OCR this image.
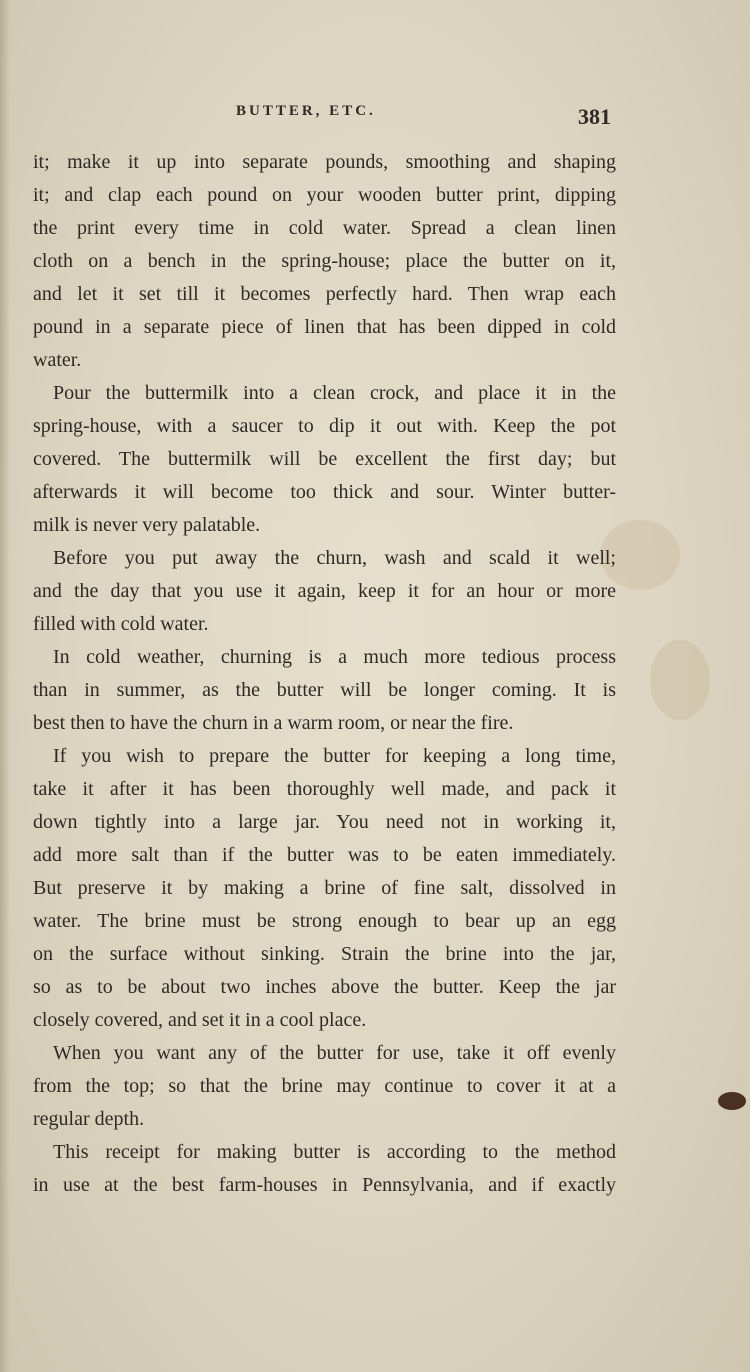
BUTTER, ETC.	381
it; make it up into separate pounds, smoothing and shaping
it; and clap each pound on your wooden butter print, dipping
the print every time in cold water. Spread a clean linen
cloth on a bench in the spring-house; place the butter on it,
and let it set till it becomes perfectly hard. Then wrap each
pound in a separate piece of linen that has been dipped in cold
water.
Pour the buttermilk into a clean crock, and place it in the
spring-house, with a saucer to dip it out with. Keep the pot
covered. The buttermilk will be excellent the first day; but
afterwards it will become too thick and sour. Winter butter-
milk is never very palatable.
Before you put away the churn, wash and scald it well;
and the day that you use it again, keep it for an hour or more
filled with cold water.
In cold weather, churning is a much more tedious process
than in summer, as the butter will be longer coming. It is
best then to have the churn in a warm room, or near the fire.
If you wish to prepare the butter for keeping a long time,
take it after it has been thoroughly well made, and pack it
down tightly into a large jar. You need not in working it,
add more salt than if the butter was to be eaten immediately.
But preserve it by making a brine of fine salt, dissolved in
water. The brine must be strong enough to bear up an egg
on the surface without sinking. Strain the brine into the jar,
so as to be about two inches above the butter. Keep the jar
closely covered, and set it in a cool place.
When you want any of the butter for use, take it off evenly
from the top; so that the brine may continue to cover it at a
regular depth.
This receipt for making butter is according to the method
in use at the best farm-houses in Pennsylvania, and if exactly
